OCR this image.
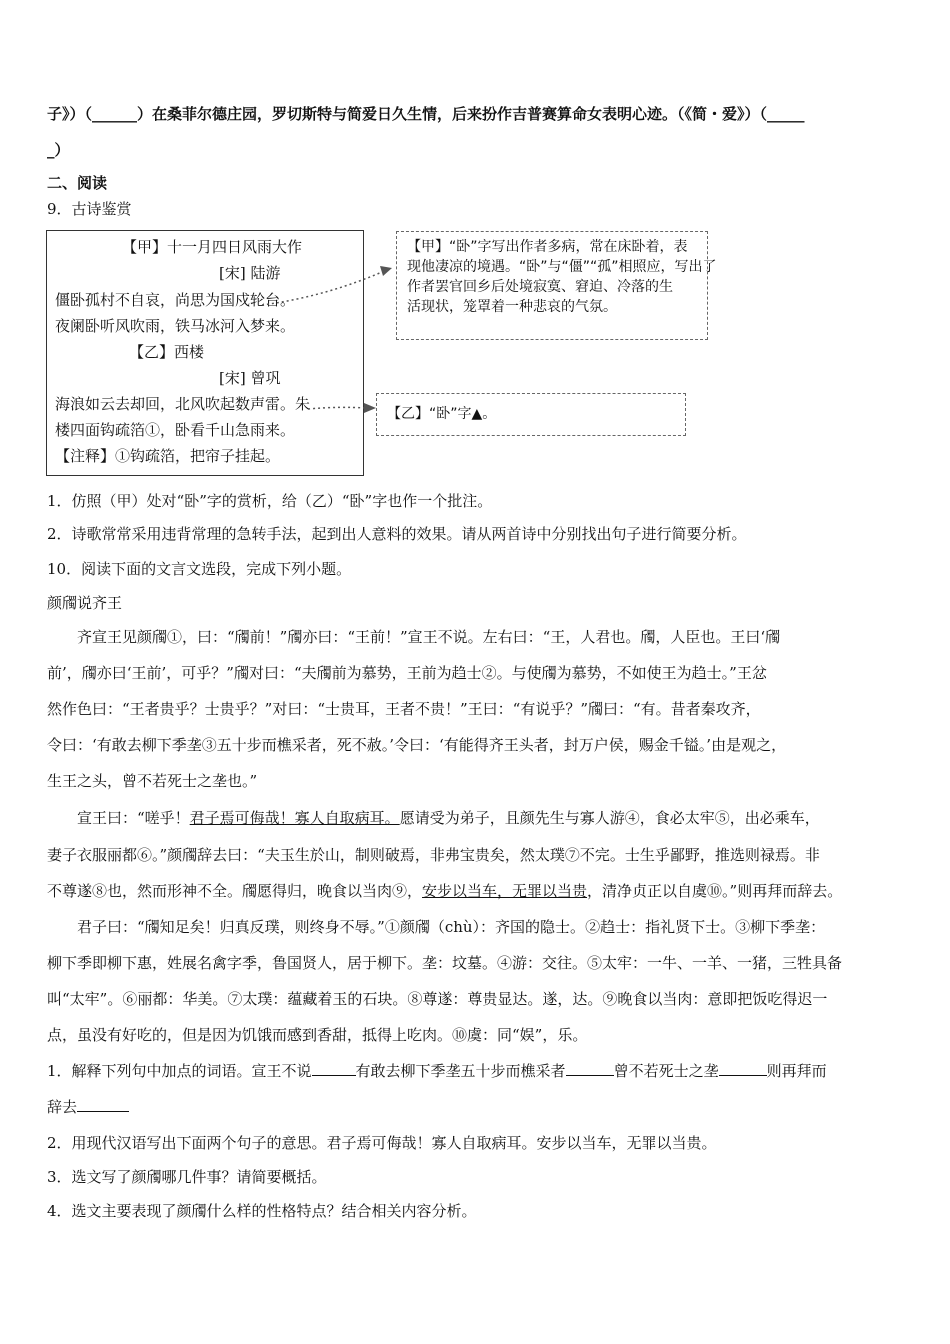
子》）（______）在桑菲尔德庄园，罗切斯特与简爱日久生情，后来扮作吉普赛算命女表明心迹。（《简・爱》）（_____
_）
二、阅读
9．古诗鉴赏
【甲】十一月四日风雨大作
[宋] 陆游
僵卧孤村不自哀，尚思为国戍轮台。
夜阑卧听风吹雨，铁马冰河入梦来。
【乙】西楼
[宋] 曾巩
海浪如云去却回，北风吹起数声雷。朱
楼四面钩疏箔①，卧看千山急雨来。
【注释】①钩疏箔，把帘子挂起。
【甲】“卧”字写出作者多病，常在床卧着，表
现他凄凉的境遇。“卧”与“僵”“孤”相照应，写出了
作者罢官回乡后处境寂寞、窘迫、冷落的生
活现状，笼罩着一种悲哀的气氛。
【乙】“卧”字▲。
1．仿照（甲）处对“卧”字的赏析，给（乙）“卧”字也作一个批注。
2．诗歌常常采用违背常理的急转手法，起到出人意料的效果。请从两首诗中分别找出句子进行简要分析。
10．阅读下面的文言文选段，完成下列小题。
颜斶说齐王
齐宣王见颜斶①，曰：“斶前！”斶亦曰：“王前！”宣王不说。左右曰：“王，人君也。斶，人臣也。王曰‘斶
前’，斶亦曰‘王前’，可乎？”斶对曰：“夫斶前为慕势，王前为趋士②。与使斶为慕势，不如使王为趋士。”王忿
然作色曰：“王者贵乎？士贵乎？”对曰：“士贵耳，王者不贵！”王曰：“有说乎？”斶曰：“有。昔者秦攻齐，
令曰：‘有敢去柳下季垄③五十步而樵采者，死不赦。’令曰：‘有能得齐王头者，封万户侯，赐金千镒。’由是观之，
生王之头，曾不若死士之垄也。”
宣王曰：“嗟乎！君子焉可侮哉！寡人自取病耳。愿请受为弟子，且颜先生与寡人游④，食必太牢⑤，出必乘车，
妻子衣服丽都⑥。”颜斶辞去曰：“夫玉生於山，制则破焉，非弗宝贵矣，然太璞⑦不完。士生乎鄙野，推选则禄焉。非
不尊遂⑧也，然而形神不全。斶愿得归，晚食以当肉⑨，安步以当车，无罪以当贵，清净贞正以自虞⑩。”则再拜而辞去。
君子曰：“斶知足矣！归真反璞，则终身不辱。”①颜斶（chù）：齐国的隐士。②趋士：指礼贤下士。③柳下季垄：
柳下季即柳下惠，姓展名禽字季，鲁国贤人，居于柳下。垄：坟墓。④游：交往。⑤太牢：一牛、一羊、一猪，三牲具备
叫“太牢”。⑥丽都：华美。⑦太璞：蕴藏着玉的石块。⑧尊遂：尊贵显达。遂，达。⑨晚食以当肉：意即把饭吃得迟一
点，虽没有好吃的，但是因为饥饿而感到香甜，抵得上吃肉。⑩虞：同“娱”，乐。
1．解释下列句中加点的词语。宣王不说	有敢去柳下季垄五十步而樵采者	曾不若死士之垄	则再拜而
辞去
2．用现代汉语写出下面两个句子的意思。君子焉可侮哉！寡人自取病耳。安步以当车，无罪以当贵。
3．选文写了颜斶哪几件事？请简要概括。
4．选文主要表现了颜斶什么样的性格特点？结合相关内容分析。
